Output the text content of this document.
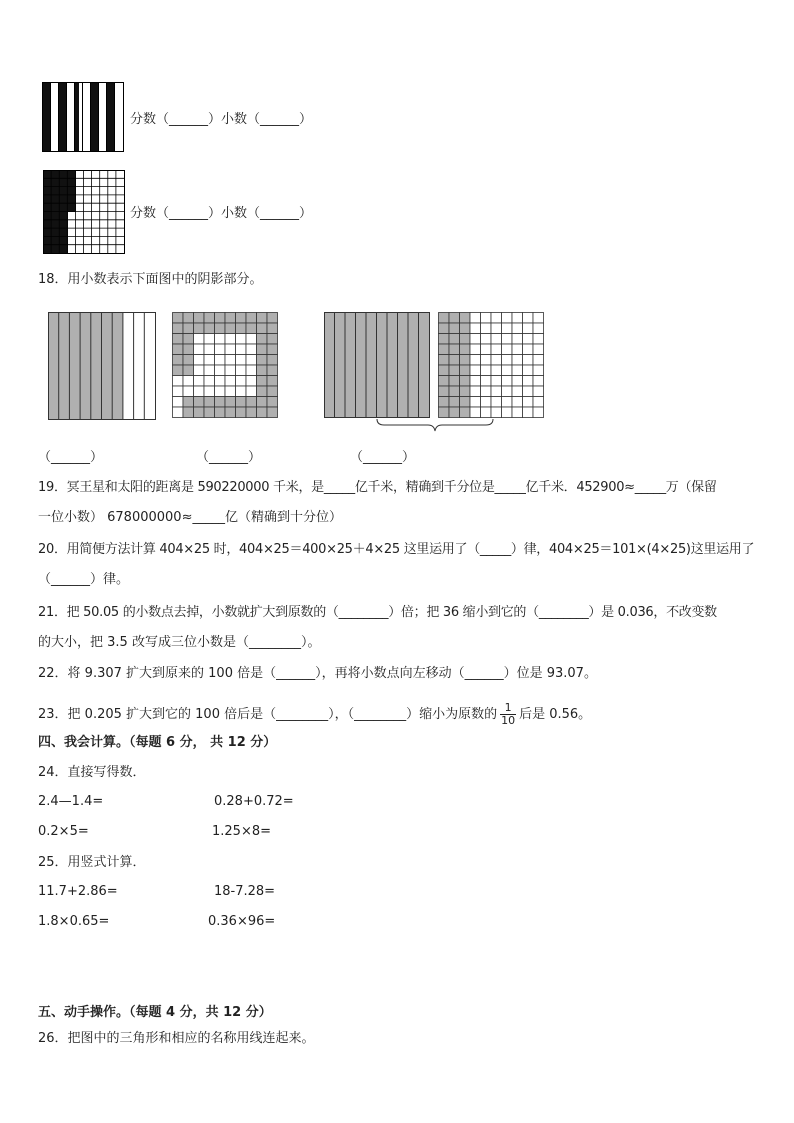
分数（______）小数（______）
分数（______）小数（______）
18．用小数表示下面图中的阴影部分。
（______）	（______）	（______）
19．冥王星和太阳的距离是 590220000 千米，是_____亿千米，精确到千分位是_____亿千米．452900≈_____万（保留
一位小数） 678000000≈_____亿（精确到十分位）
20．用简便方法计算 404×25 时，404×25＝400×25＋4×25 这里运用了（_____）律，404×25＝101×(4×25)这里运用了
（______）律。
21．把 50.05 的小数点去掉，小数就扩大到原数的（________）倍；把 36 缩小到它的（________）是 0.036，不改变数
的大小，把 3.5 改写成三位小数是（________）。
22．将 9.307 扩大到原来的 100 倍是（______），再将小数点向左移动（______）位是 93.07。
23．把 0.205 扩大到它的 100 倍后是（________），（________）缩小为原数的 $\frac{1}{10}$ 后是 0.56。
四、我会计算。（每题 6 分， 共 12 分）
24．直接写得数．
2.4—1.4=	0.28+0.72=
0.2×5=	1.25×8=
25．用竖式计算．
11.7+2.86=	18-7.28=
1.8×0.65=	0.36×96=
五、动手操作。（每题 4 分，共 12 分）
26．把图中的三角形和相应的名称用线连起来。
